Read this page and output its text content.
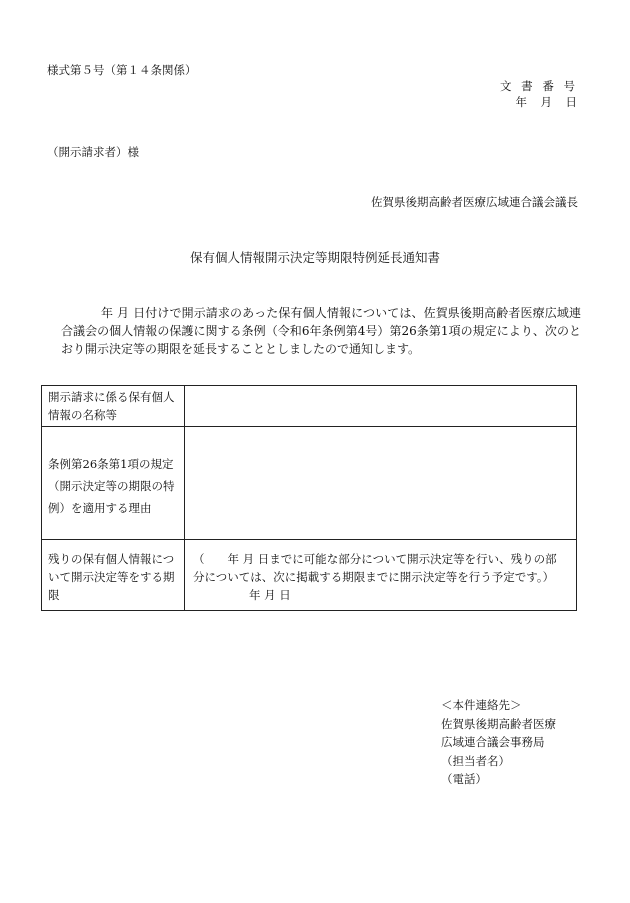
様式第５号（第１４条関係）
文 書 番 号
年　月　日
（開示請求者）様
佐賀県後期高齢者医療広域連合議会議長
保有個人情報開示決定等期限特例延長通知書
年 月 日付けで開示請求のあった保有個人情報については、佐賀県後期高齢者医療広域連合議会の個人情報の保護に関する条例（令和6年条例第4号）第26条第1項の規定により、次のとおり開示決定等の期限を延長することとしましたので通知します。
開示請求に係る保有個人情報の名称等	
条例第26条第1項の規定（開示決定等の期限の特例）を適用する理由	
残りの保有個人情報について開示決定等をする期限	（　　年 月 日までに可能な部分について開示決定等を行い、残りの部分については、次に掲載する期限までに開示決定等を行う予定です。）
年 月 日
＜本件連絡先＞
佐賀県後期高齢者医療
広域連合議会事務局
（担当者名）
（電話）
